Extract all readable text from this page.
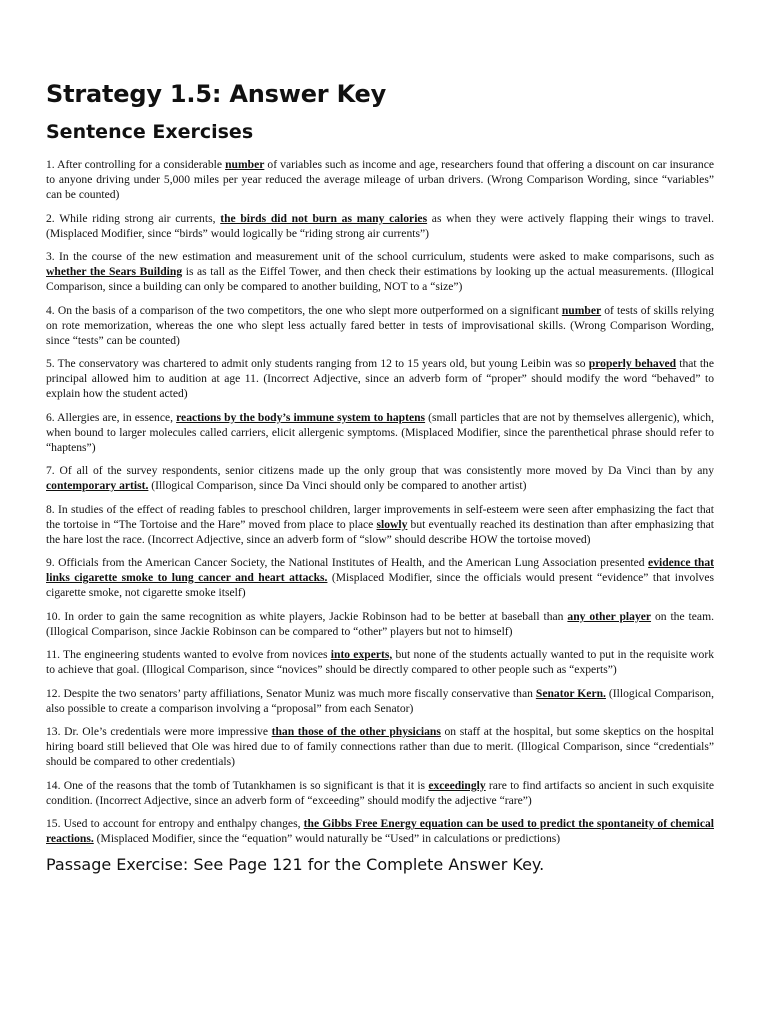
Strategy 1.5: Answer Key
Sentence Exercises
1. After controlling for a considerable number of variables such as income and age, researchers found that offering a discount on car insurance to anyone driving under 5,000 miles per year reduced the average mileage of urban drivers. (Wrong Comparison Wording, since “variables” can be counted)
2. While riding strong air currents, the birds did not burn as many calories as when they were actively flapping their wings to travel. (Misplaced Modifier, since “birds” would logically be “riding strong air currents”)
3. In the course of the new estimation and measurement unit of the school curriculum, students were asked to make comparisons, such as whether the Sears Building is as tall as the Eiffel Tower, and then check their estimations by looking up the actual measurements. (Illogical Comparison, since a building can only be compared to another building, NOT to a “size”)
4. On the basis of a comparison of the two competitors, the one who slept more outperformed on a significant number of tests of skills relying on rote memorization, whereas the one who slept less actually fared better in tests of improvisational skills. (Wrong Comparison Wording, since “tests” can be counted)
5. The conservatory was chartered to admit only students ranging from 12 to 15 years old, but young Leibin was so properly behaved that the principal allowed him to audition at age 11. (Incorrect Adjective, since an adverb form of “proper” should modify the word “behaved” to explain how the student acted)
6. Allergies are, in essence, reactions by the body’s immune system to haptens (small particles that are not by themselves allergenic), which, when bound to larger molecules called carriers, elicit allergenic symptoms. (Misplaced Modifier, since the parenthetical phrase should refer to “haptens”)
7. Of all of the survey respondents, senior citizens made up the only group that was consistently more moved by Da Vinci than by any contemporary artist. (Illogical Comparison, since Da Vinci should only be compared to another artist)
8. In studies of the effect of reading fables to preschool children, larger improvements in self-esteem were seen after emphasizing the fact that the tortoise in “The Tortoise and the Hare” moved from place to place slowly but eventually reached its destination than after emphasizing that the hare lost the race. (Incorrect Adjective, since an adverb form of “slow” should describe HOW the tortoise moved)
9. Officials from the American Cancer Society, the National Institutes of Health, and the American Lung Association presented evidence that links cigarette smoke to lung cancer and heart attacks. (Misplaced Modifier, since the officials would present “evidence” that involves cigarette smoke, not cigarette smoke itself)
10. In order to gain the same recognition as white players, Jackie Robinson had to be better at baseball than any other player on the team. (Illogical Comparison, since Jackie Robinson can be compared to “other” players but not to himself)
11. The engineering students wanted to evolve from novices into experts, but none of the students actually wanted to put in the requisite work to achieve that goal. (Illogical Comparison, since “novices” should be directly compared to other people such as “experts”)
12. Despite the two senators’ party affiliations, Senator Muniz was much more fiscally conservative than Senator Kern. (Illogical Comparison, also possible to create a comparison involving a “proposal” from each Senator)
13. Dr. Ole’s credentials were more impressive than those of the other physicians on staff at the hospital, but some skeptics on the hospital hiring board still believed that Ole was hired due to of family connections rather than due to merit. (Illogical Comparison, since “credentials” should be compared to other credentials)
14. One of the reasons that the tomb of Tutankhamen is so significant is that it is exceedingly rare to find artifacts so ancient in such exquisite condition. (Incorrect Adjective, since an adverb form of “exceeding” should modify the adjective “rare”)
15. Used to account for entropy and enthalpy changes, the Gibbs Free Energy equation can be used to predict the spontaneity of chemical reactions. (Misplaced Modifier, since the “equation” would naturally be “Used” in calculations or predictions)
Passage Exercise: See Page 121 for the Complete Answer Key.
